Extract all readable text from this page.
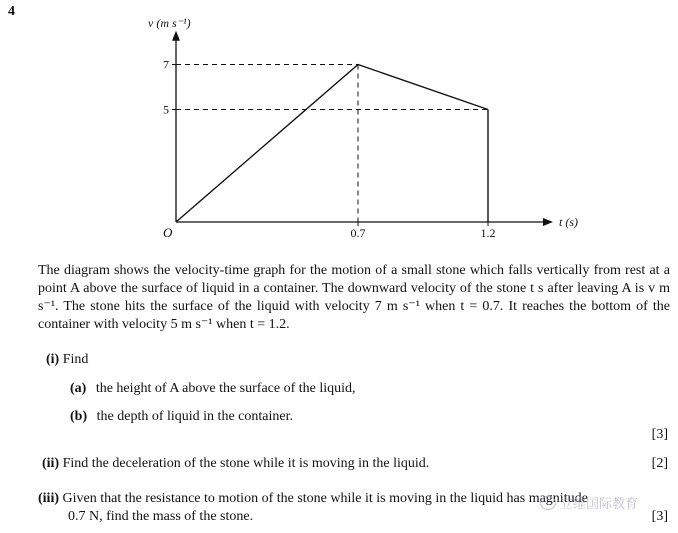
4
0.7	1.2
7
5
O
t (s)
v (m s⁻¹)
The diagram shows the velocity-time graph for the motion of a small stone which falls vertically from rest at a point A above the surface of liquid in a container. The downward velocity of the stone t s after leaving A is v m s⁻¹. The stone hits the surface of the liquid with velocity 7 m s⁻¹ when t = 0.7. It reaches the bottom of the container with velocity 5 m s⁻¹ when t = 1.2.
(i) Find
(a) the height of A above the surface of the liquid,
(b) the depth of liquid in the container.
[3]
(ii) Find the deceleration of the stone while it is moving in the liquid.	[2]
(iii) Given that the resistance to motion of the stone while it is moving in the liquid has magnitude
0.7 N, find the mass of the stone.	[3]
立维国际教育
